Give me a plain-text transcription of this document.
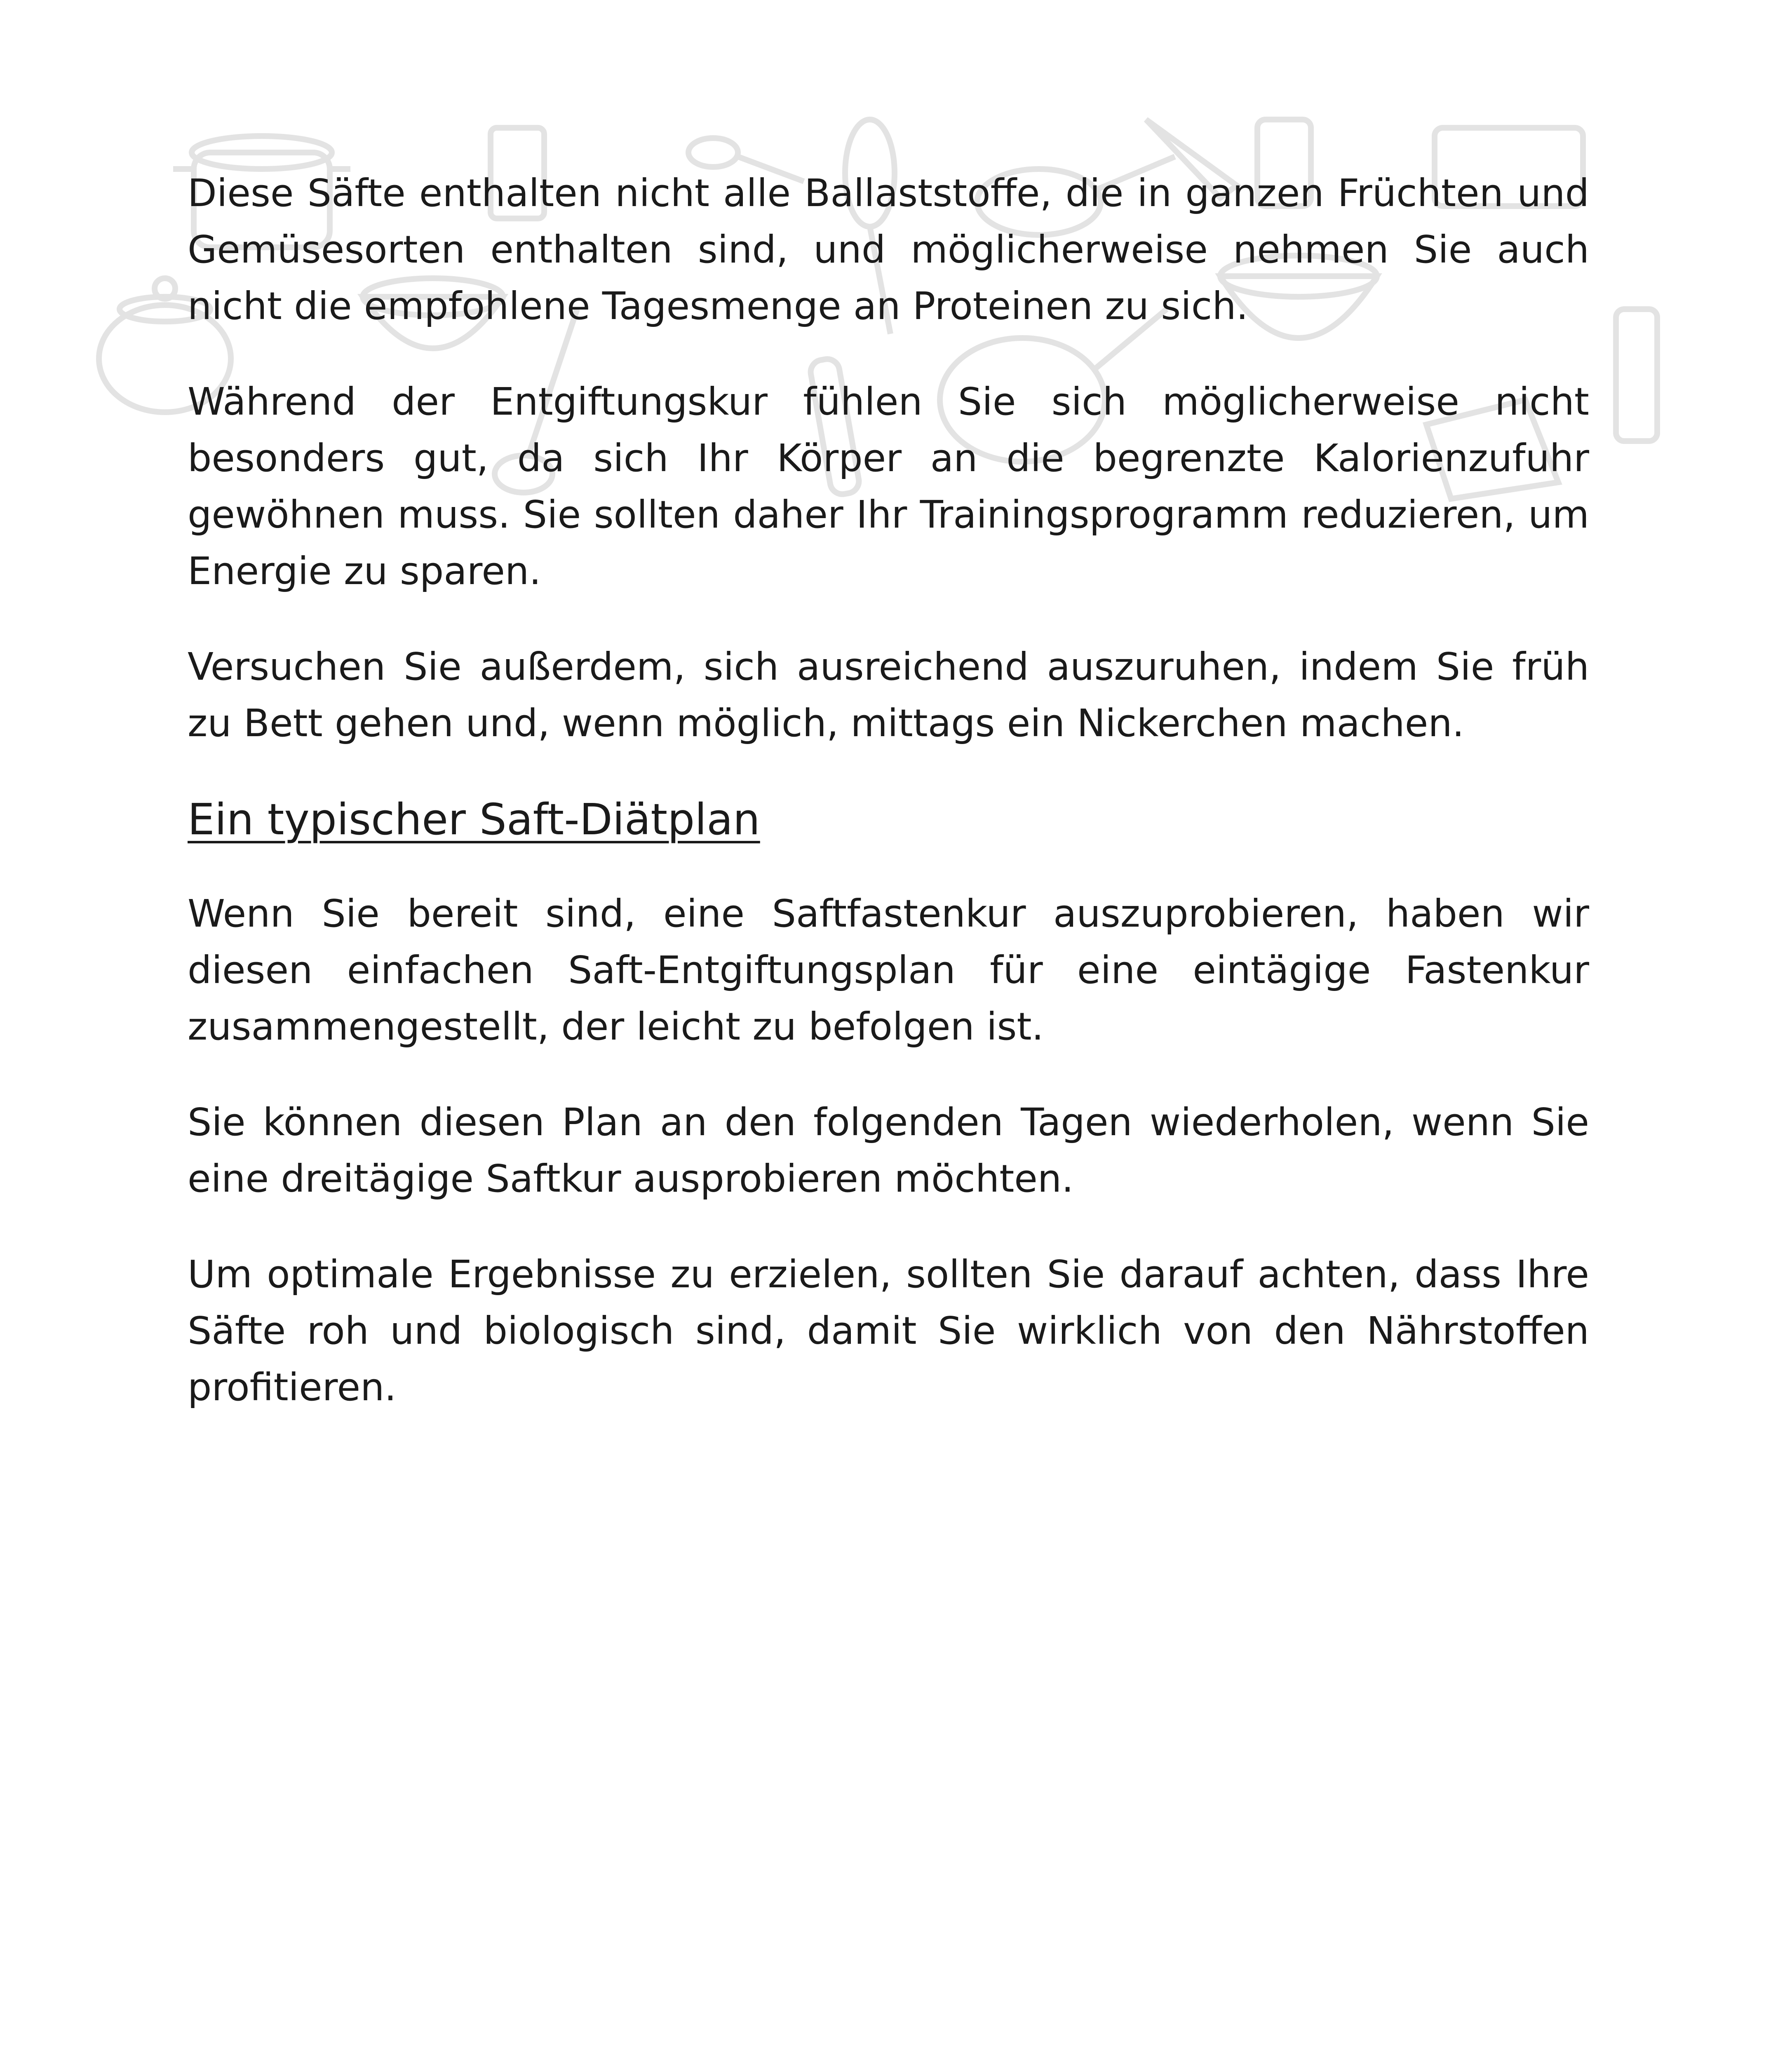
Diese Säfte enthalten nicht alle Ballaststoffe, die in ganzen Früchten und Gemüsesorten enthalten sind, und möglicherweise nehmen Sie auch nicht die empfohlene Tagesmenge an Proteinen zu sich.

Während der Entgiftungskur fühlen Sie sich möglicherweise nicht besonders gut, da sich Ihr Körper an die begrenzte Kalorienzufuhr gewöhnen muss. Sie sollten daher Ihr Trainingsprogramm reduzieren, um Energie zu sparen.

Versuchen Sie außerdem, sich ausreichend auszuruhen, indem Sie früh zu Bett gehen und, wenn möglich, mittags ein Nickerchen machen.

Ein typischer Saft-Diätplan

Wenn Sie bereit sind, eine Saftfastenkur auszuprobieren, haben wir diesen einfachen Saft-Entgiftungsplan für eine eintägige Fastenkur zusammengestellt, der leicht zu befolgen ist.

Sie können diesen Plan an den folgenden Tagen wiederholen, wenn Sie eine dreitägige Saftkur ausprobieren möchten.

Um optimale Ergebnisse zu erzielen, sollten Sie darauf achten, dass Ihre Säfte roh und biologisch sind, damit Sie wirklich von den Nährstoffen profitieren.
